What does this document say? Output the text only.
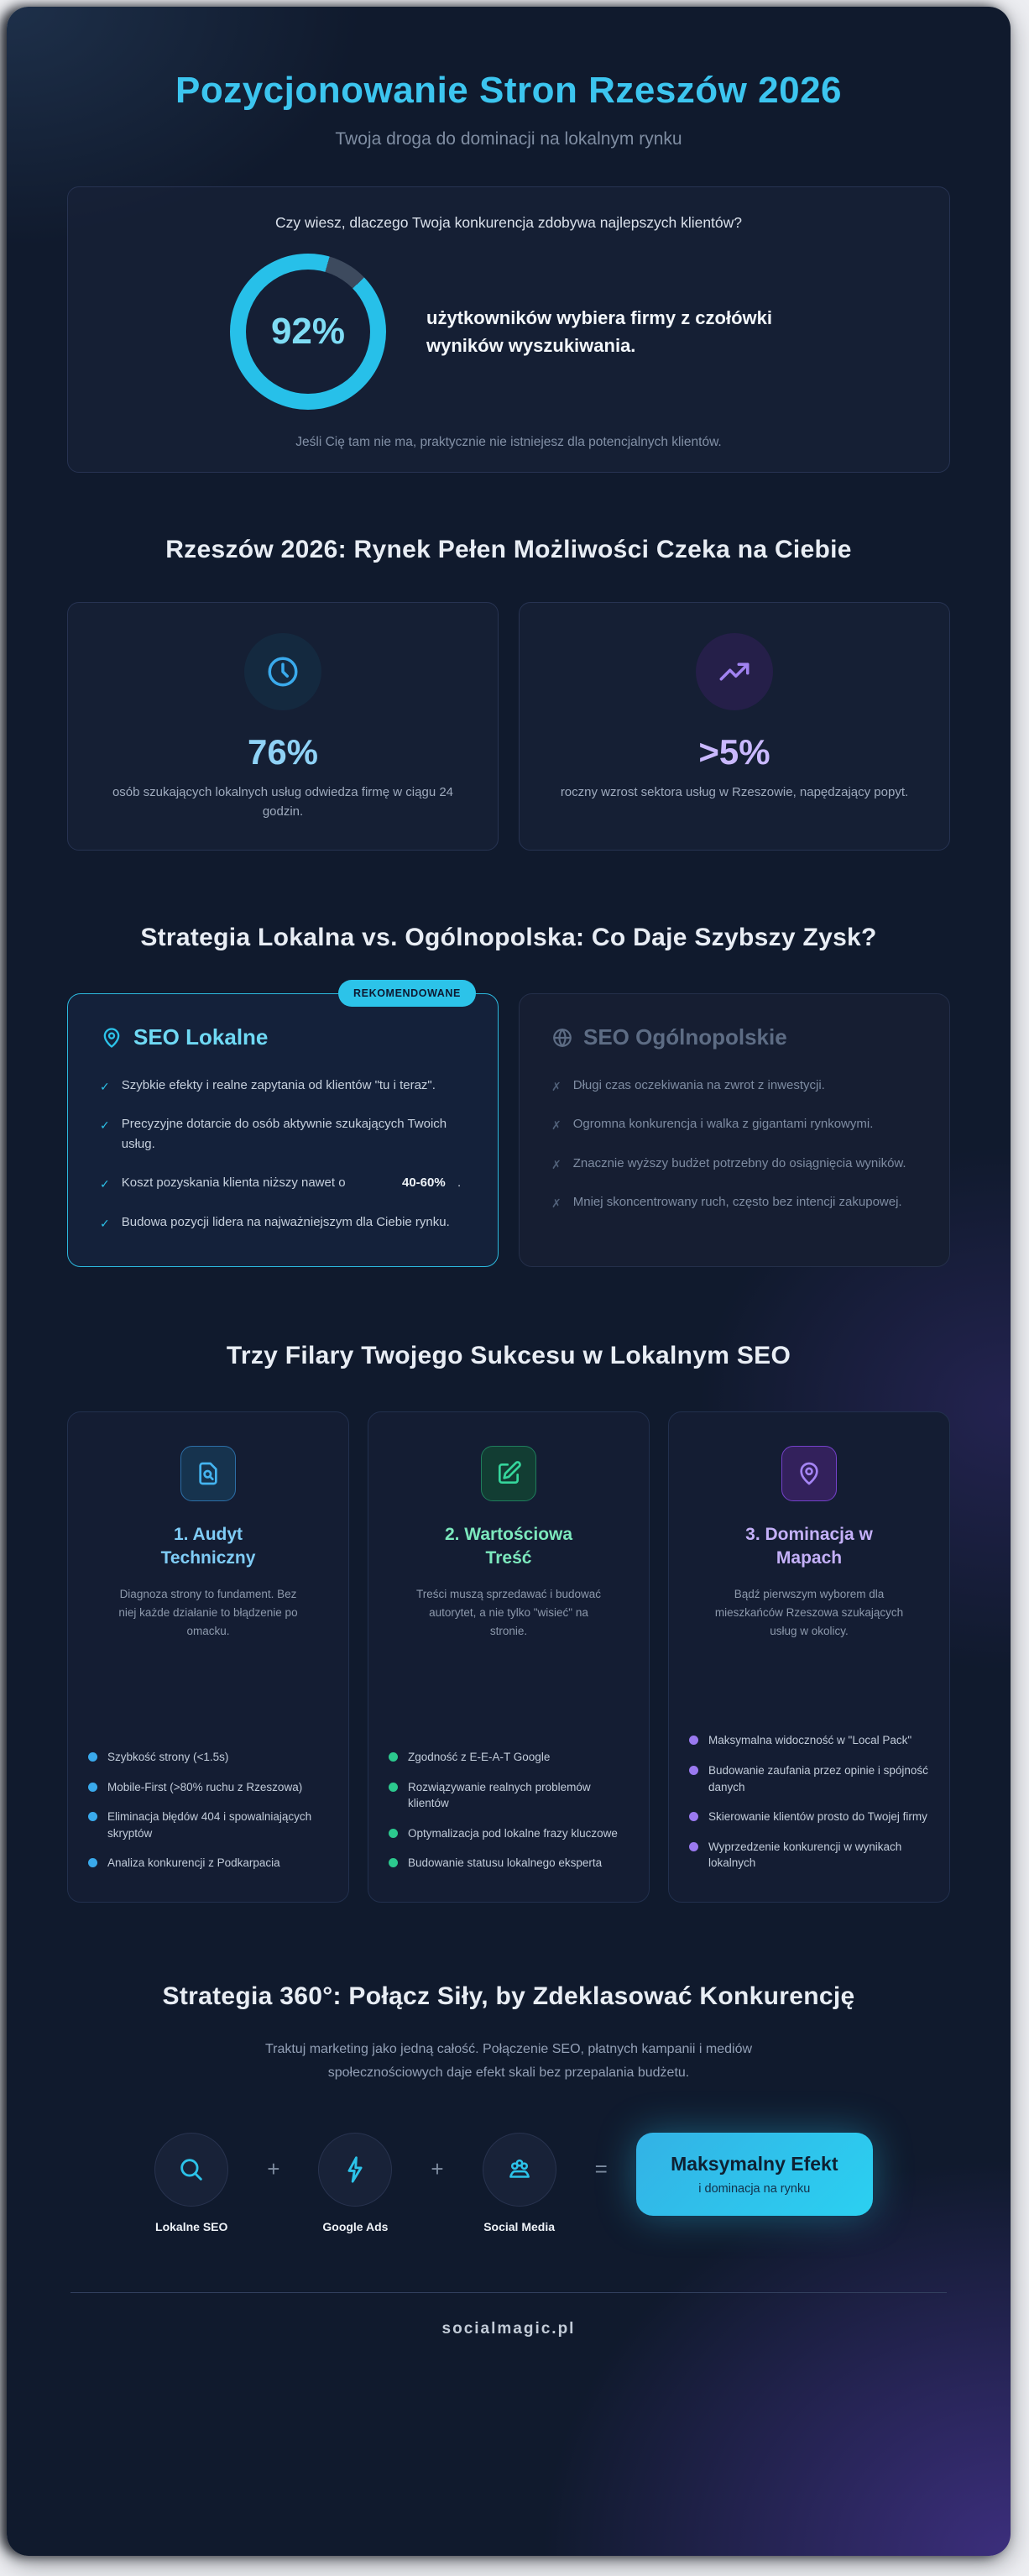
Pozycjonowanie Stron Rzeszów 2026
Twoja droga do dominacji na lokalnym rynku
Czy wiesz, dlaczego Twoja konkurencja zdobywa najlepszych klientów?
92%	użytkowników wybiera firmy z czołówki wyników wyszukiwania.
Jeśli Cię tam nie ma, praktycznie nie istniejesz dla potencjalnych klientów.
Rzeszów 2026: Rynek Pełen Możliwości Czeka na Ciebie
76%
osób szukających lokalnych usług odwiedza firmę w ciągu 24 godzin.
>5%
roczny wzrost sektora usług w Rzeszowie, napędzający popyt.
Strategia Lokalna vs. Ogólnopolska: Co Daje Szybszy Zysk?
REKOMENDOWANE
SEO Lokalne
✓ Szybkie efekty i realne zapytania od klientów "tu i teraz".
✓ Precyzyjne dotarcie do osób aktywnie szukających Twoich usług.
✓ Koszt pozyskania klienta niższy nawet o	40-60% .
✓ Budowa pozycji lidera na najważniejszym dla Ciebie rynku.
SEO Ogólnopolskie
✗ Długi czas oczekiwania na zwrot z inwestycji.
✗ Ogromna konkurencja i walka z gigantami rynkowymi.
✗ Znacznie wyższy budżet potrzebny do osiągnięcia wyników.
✗ Mniej skoncentrowany ruch, często bez intencji zakupowej.
Trzy Filary Twojego Sukcesu w Lokalnym SEO
1. Audyt Techniczny
Diagnoza strony to fundament. Bez niej każde działanie to błądzenie po omacku.
Szybkość strony (<1.5s)
Mobile-First (>80% ruchu z Rzeszowa)
Eliminacja błędów 404 i spowalniających skryptów
Analiza konkurencji z Podkarpacia
2. Wartościowa Treść
Treści muszą sprzedawać i budować autorytet, a nie tylko "wisieć" na stronie.
Zgodność z E-E-A-T Google
Rozwiązywanie realnych problemów klientów
Optymalizacja pod lokalne frazy kluczowe
Budowanie statusu lokalnego eksperta
3. Dominacja w Mapach
Bądź pierwszym wyborem dla mieszkańców Rzeszowa szukających usług w okolicy.
Maksymalna widoczność w "Local Pack"
Budowanie zaufania przez opinie i spójność danych
Skierowanie klientów prosto do Twojej firmy
Wyprzedzenie konkurencji w wynikach lokalnych
Strategia 360°: Połącz Siły, by Zdeklasować Konkurencję

Traktuj marketing jako jedną całość. Połączenie SEO, płatnych kampanii i mediów społecznościowych daje efekt skali bez przepalania budżetu.

Lokalne SEO
+
Google Ads
+
Social Media
=	Maksymalny Efekt
i dominacja na rynku
socialmagic.pl
